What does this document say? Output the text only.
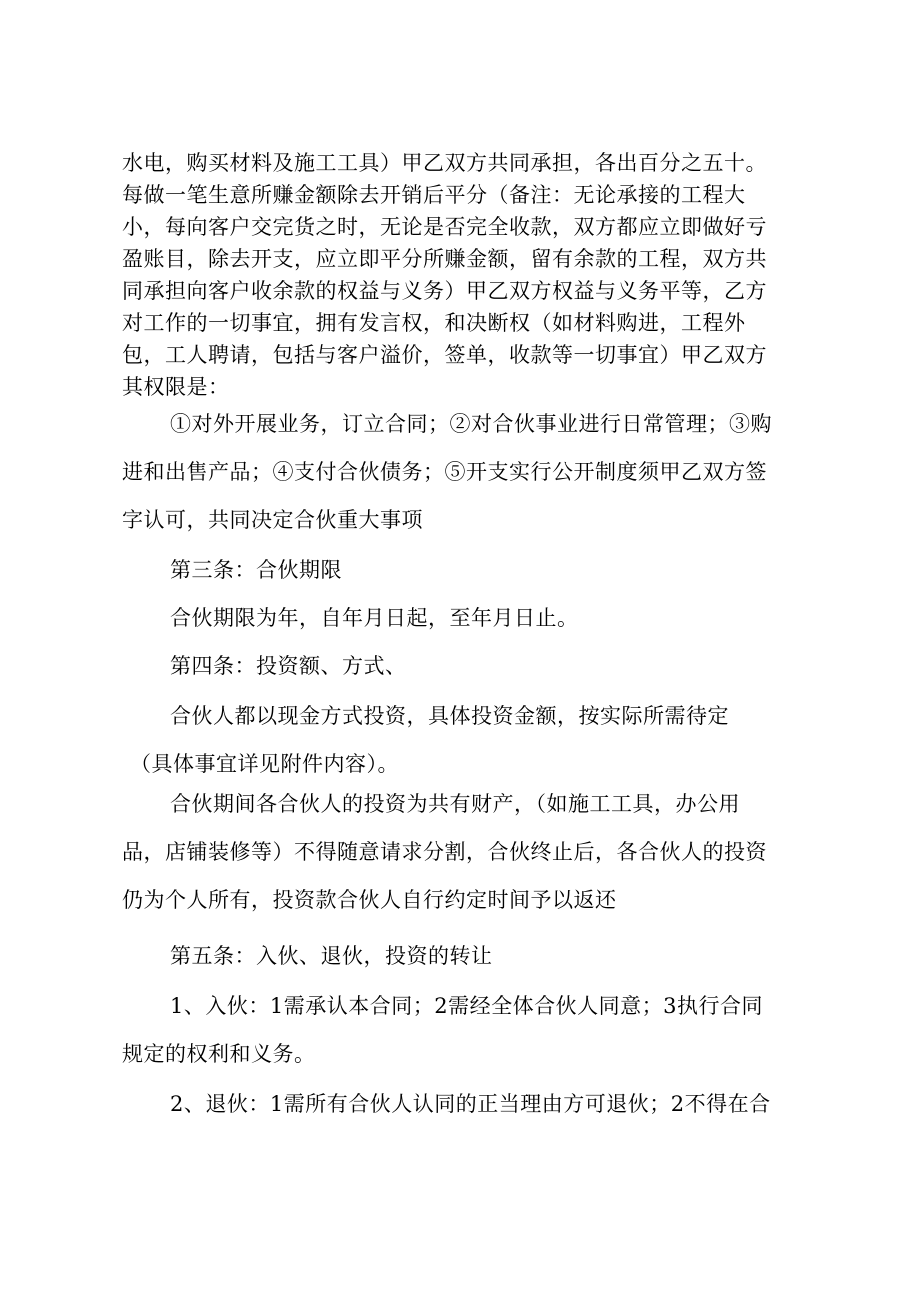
水电，购买材料及施工工具）甲乙双方共同承担，各出百分之五十。
每做一笔生意所赚金额除去开销后平分（备注：无论承接的工程大
小，每向客户交完货之时，无论是否完全收款，双方都应立即做好亏
盈账目，除去开支，应立即平分所赚金额，留有余款的工程，双方共
同承担向客户收余款的权益与义务）甲乙双方权益与义务平等，乙方
对工作的一切事宜，拥有发言权，和决断权（如材料购进，工程外
包，工人聘请，包括与客户溢价，签单，收款等一切事宜）甲乙双方
其权限是：
①对外开展业务，订立合同；②对合伙事业进行日常管理；③购
进和出售产品；④支付合伙债务；⑤开支实行公开制度须甲乙双方签
字认可，共同决定合伙重大事项
第三条：合伙期限
合伙期限为年，自年月日起，至年月日止。
第四条：投资额、方式、
合伙人都以现金方式投资，具体投资金额，按实际所需待定
（具体事宜详见附件内容）。
合伙期间各合伙人的投资为共有财产，（如施工工具，办公用
品，店铺装修等）不得随意请求分割，合伙终止后，各合伙人的投资
仍为个人所有，投资款合伙人自行约定时间予以返还
第五条：入伙、退伙，投资的转让
1、入伙：1需承认本合同；2需经全体合伙人同意；3执行合同
规定的权利和义务。
2、退伙：1需所有合伙人认同的正当理由方可退伙；2不得在合
